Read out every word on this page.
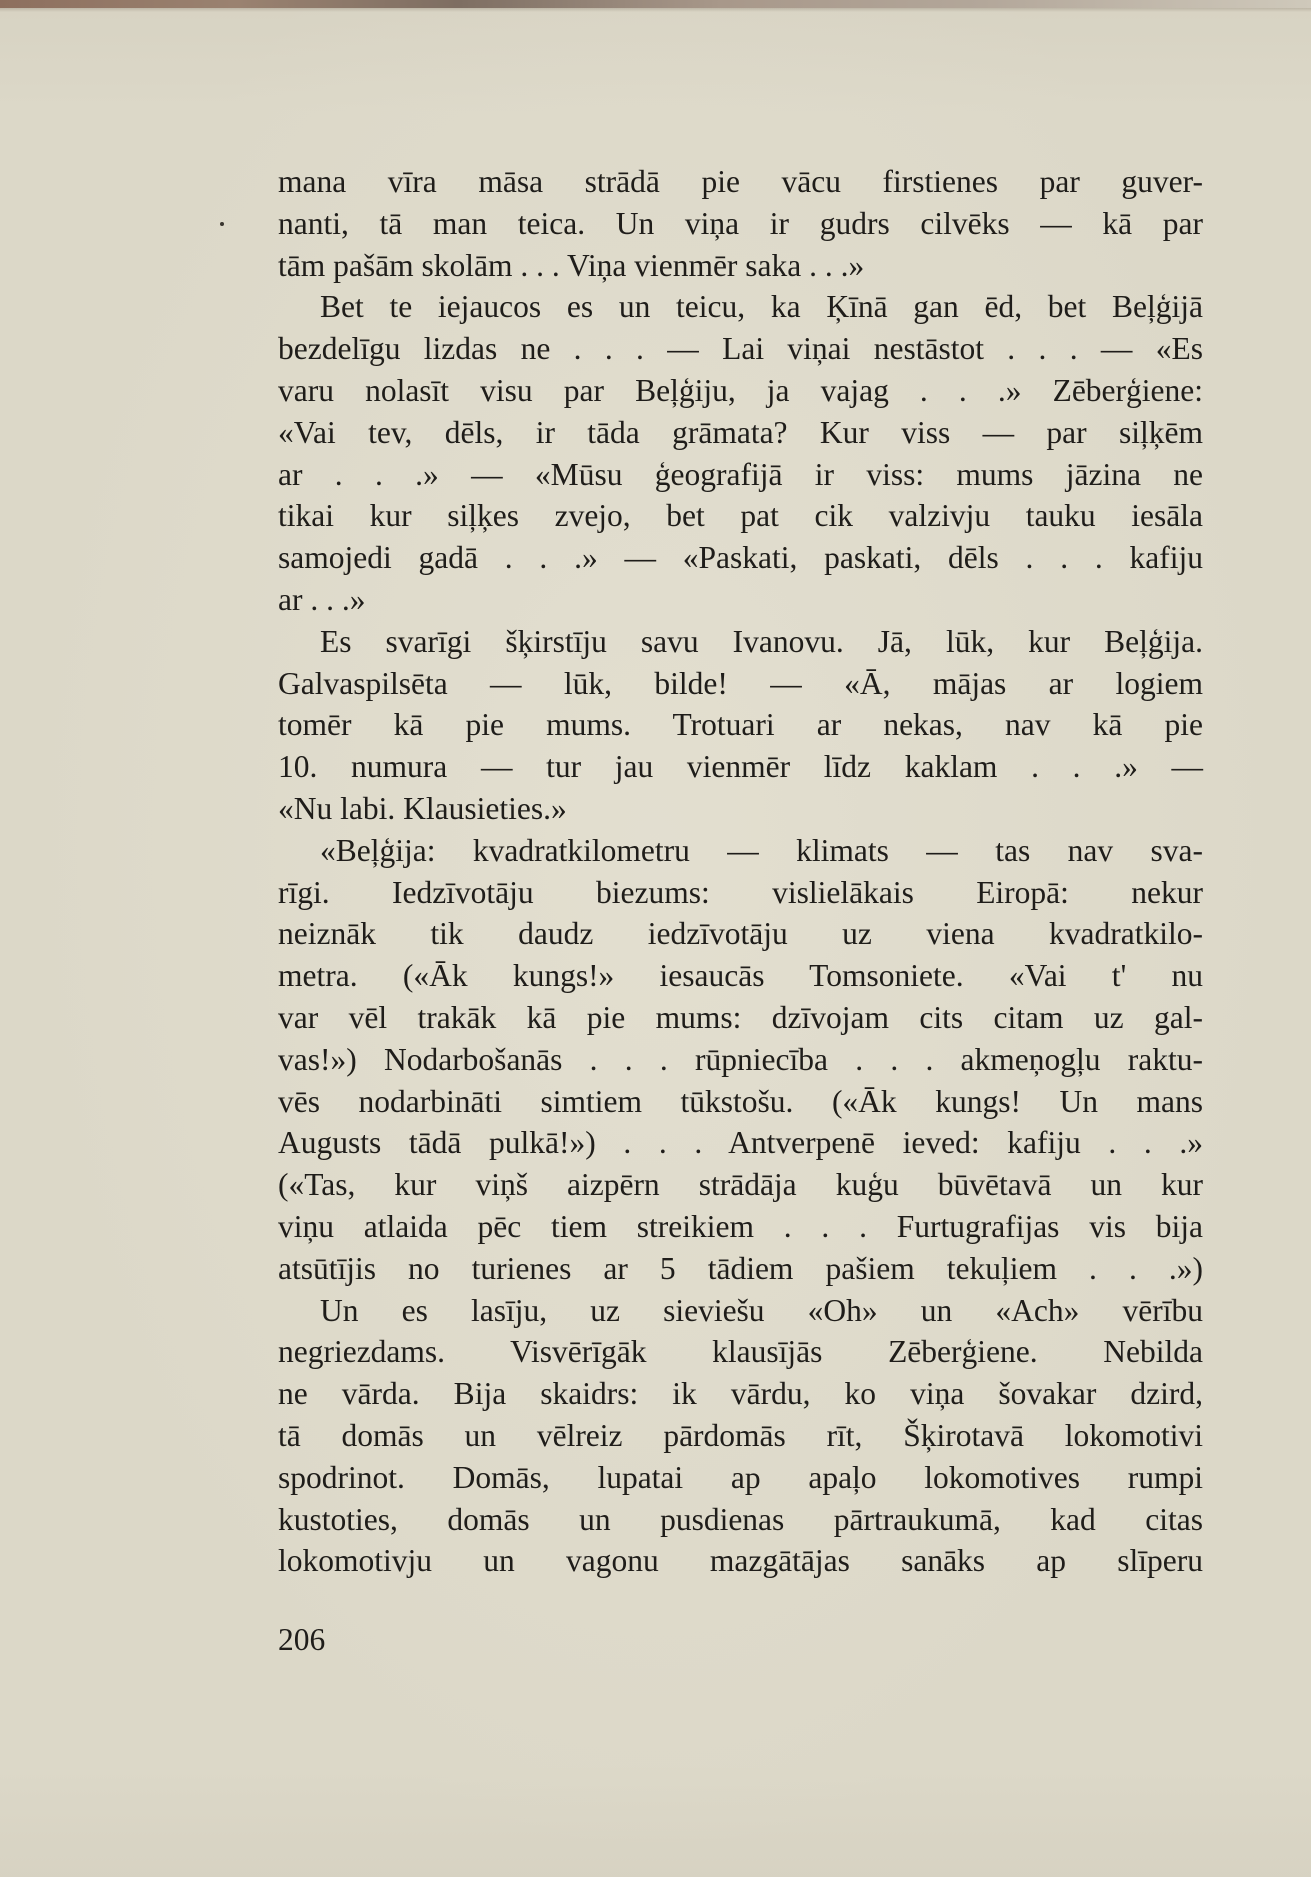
mana vīra māsa strādā pie vācu firstienes par guver-
nanti, tā man teica. Un viņa ir gudrs cilvēks — kā par
tām pašām skolām . . . Viņa vienmēr saka . . .»
Bet te iejaucos es un teicu, ka Ķīnā gan ēd, bet Beļģijā
bezdelīgu lizdas ne . . . — Lai viņai nestāstot . . . — «Es
varu nolasīt visu par Beļģiju, ja vajag . . .» Zēberģiene:
«Vai tev, dēls, ir tāda grāmata? Kur viss — par siļķēm
ar . . .» — «Mūsu ģeografijā ir viss: mums jāzina ne
tikai kur siļķes zvejo, bet pat cik valzivju tauku iesāla
samojedi gadā . . .» — «Paskati, paskati, dēls . . . kafiju
ar . . .»
Es svarīgi šķirstīju savu Ivanovu. Jā, lūk, kur Beļģija.
Galvaspilsēta — lūk, bilde! — «Ā, mājas ar logiem
tomēr kā pie mums. Trotuari ar nekas, nav kā pie
10. numura — tur jau vienmēr līdz kaklam . . .» —
«Nu labi. Klausieties.»
«Beļģija: kvadratkilometru — klimats — tas nav sva-
rīgi. Iedzīvotāju biezums: vislielākais Eiropā: nekur
neiznāk tik daudz iedzīvotāju uz viena kvadratkilo-
metra. («Āk kungs!» iesaucās Tomsoniete. «Vai t' nu
var vēl trakāk kā pie mums: dzīvojam cits citam uz gal-
vas!») Nodarbošanās . . . rūpniecība . . . akmeņogļu raktu-
vēs nodarbināti simtiem tūkstošu. («Āk kungs! Un mans
Augusts tādā pulkā!») . . . Antverpenē ieved: kafiju . . .»
(«Tas, kur viņš aizpērn strādāja kuģu būvētavā un kur
viņu atlaida pēc tiem streikiem . . . Furtugrafijas vis bija
atsūtījis no turienes ar 5 tādiem pašiem tekuļiem . . .»)
Un es lasīju, uz sieviešu «Oh» un «Ach» vērību
negriezdams. Visvērīgāk klausījās Zēberģiene. Nebilda
ne vārda. Bija skaidrs: ik vārdu, ko viņa šovakar dzird,
tā domās un vēlreiz pārdomās rīt, Šķirotavā lokomotivi
spodrinot. Domās, lupatai ap apaļo lokomotives rumpi
kustoties, domās un pusdienas pārtraukumā, kad citas
lokomotivju un vagonu mazgātājas sanāks ap slīperu
206
